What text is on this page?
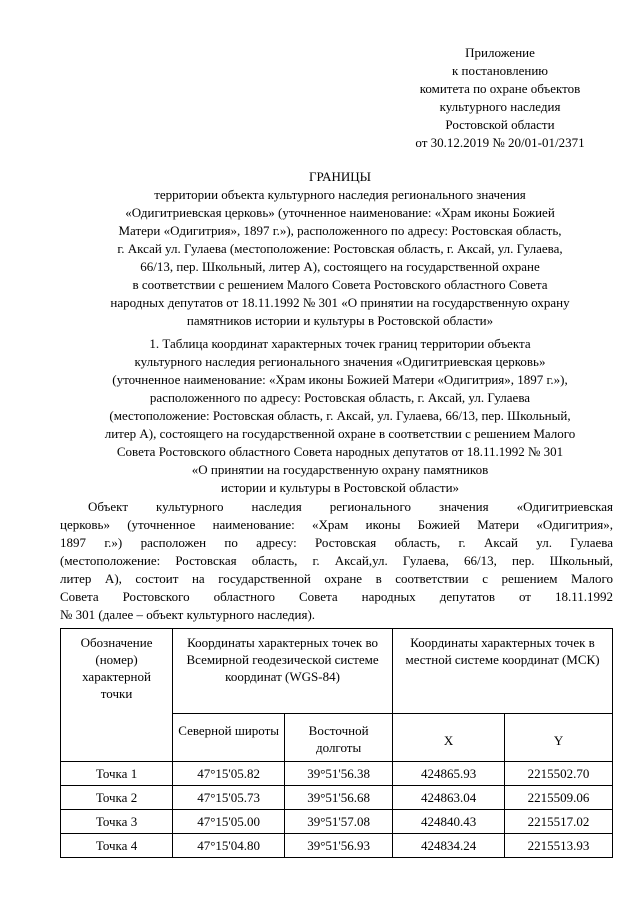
Приложение
к постановлению
комитета по охране объектов
культурного наследия
Ростовской области
от 30.12.2019 № 20/01-01/2371
ГРАНИЦЫ
территории объекта культурного наследия регионального значения
«Одигитриевская церковь» (уточненное наименование: «Храм иконы Божией
Матери «Одигитрия», 1897 г.»), расположенного по адресу: Ростовская область,
г. Аксай ул. Гулаева (местоположение: Ростовская область, г. Аксай, ул. Гулаева,
66/13, пер. Школьный, литер А), состоящего на государственной охране
в соответствии с решением Малого Совета Ростовского областного Совета
народных депутатов от 18.11.1992 № 301 «О принятии на государственную охрану
памятников истории и культуры в Ростовской области»
1. Таблица координат характерных точек границ территории объекта
культурного наследия регионального значения «Одигитриевская церковь»
(уточненное наименование: «Храм иконы Божией Матери «Одигитрия», 1897 г.»),
расположенного по адресу: Ростовская область, г. Аксай, ул. Гулаева
(местоположение: Ростовская область, г. Аксай, ул. Гулаева, 66/13, пер. Школьный,
литер А), состоящего на государственной охране в соответствии с решением Малого
Совета Ростовского областного Совета народных депутатов от 18.11.1992 № 301
«О принятии на государственную охрану памятников
истории и культуры в Ростовской области»
Объект культурного наследия регионального значения «Одигитриевская
церковь» (уточненное наименование: «Храм иконы Божией Матери «Одигитрия»,
1897 г.») расположен по адресу: Ростовская область, г. Аксай ул. Гулаева
(местоположение: Ростовская область, г. Аксай,ул. Гулаева, 66/13, пер. Школьный,
литер А), состоит на государственной охране в соответствии с решением Малого
Совета Ростовского областного Совета народных депутатов от 18.11.1992
№ 301 (далее – объект культурного наследия).
Обозначение (номер) характерной точки	Координаты характерных точек во Всемирной геодезической системе координат (WGS-84)		Координаты характерных точек в местной системе координат (МСК)	
	Северной широты	Восточной долготы	X	Y
Точка 1	47°15'05.82	39°51'56.38	424865.93	2215502.70
Точка 2	47°15'05.73	39°51'56.68	424863.04	2215509.06
Точка 3	47°15'05.00	39°51'57.08	424840.43	2215517.02
Точка 4	47°15'04.80	39°51'56.93	424834.24	2215513.93
